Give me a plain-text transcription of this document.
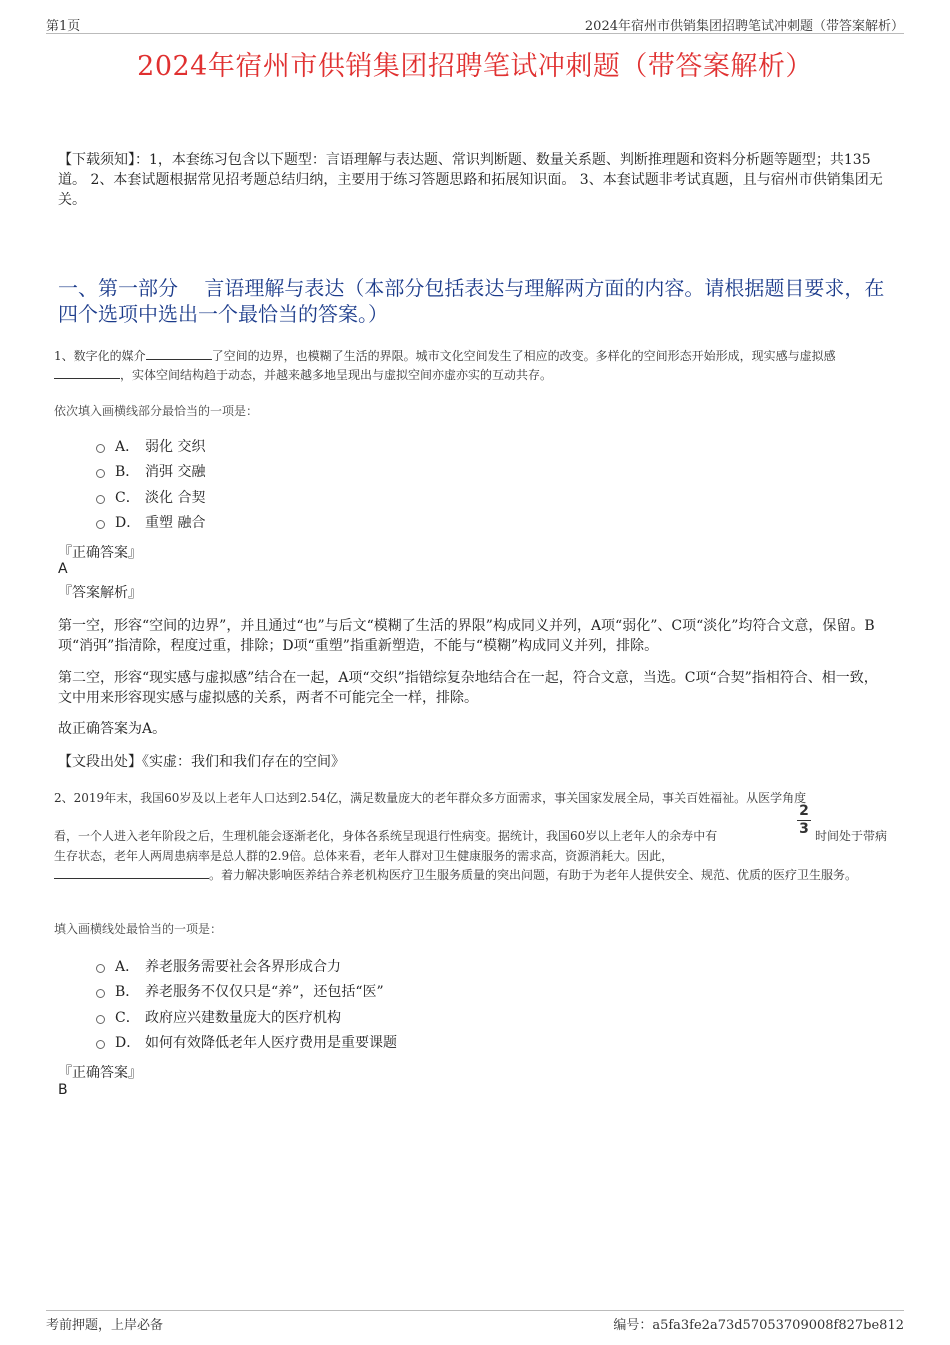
第1页	2024年宿州市供销集团招聘笔试冲刺题（带答案解析）
2024年宿州市供销集团招聘笔试冲刺题（带答案解析）
【下载须知】：1，本套练习包含以下题型：言语理解与表达题、常识判断题、数量关系题、判断推理题和资料分析题等题型；共135道。 2、本套试题根据常见招考题总结归纳，主要用于练习答题思路和拓展知识面。 3、本套试题非考试真题，且与宿州市供销集团无关。
一、第一部分　 言语理解与表达（本部分包括表达与理解两方面的内容。请根据题目要求，在四个选项中选出一个最恰当的答案。）
1、数字化的媒介	了空间的边界，也模糊了生活的界限。城市文化空间发生了相应的改变。多样化的空间形态开始形成，现实感与虚拟感，实体空间结构趋于动态，并越来越多地呈现出与虚拟空间亦虚亦实的互动共存。
依次填入画横线部分最恰当的一项是：
A． 弱化 交织
B． 消弭 交融
C． 淡化 合契
D． 重塑 融合
『正确答案』
A
『答案解析』
第一空，形容“空间的边界”，并且通过“也”与后文“模糊了生活的界限”构成同义并列，A项“弱化”、C项“淡化”均符合文意，保留。B项“消弭”指清除，程度过重，排除；D项“重塑”指重新塑造，不能与“模糊”构成同义并列，排除。
第二空，形容“现实感与虚拟感”结合在一起，A项“交织”指错综复杂地结合在一起，符合文意，当选。C项“合契”指相符合、相一致，文中用来形容现实感与虚拟感的关系，两者不可能完全一样，排除。
故正确答案为A。
【文段出处】《实虚：我们和我们存在的空间》
2、2019年末，我国60岁及以上老年人口达到2.54亿，满足数量庞大的老年群众多方面需求，事关国家发展全局，事关百姓福祉。从医学角度
看，一个人进入老年阶段之后，生理机能会逐渐老化，身体各系统呈现退行性病变。据统计，我国60岁以上老年人的余寿中有
2
3 时间处于带病
生存状态，老年人两周患病率是总人群的2.9倍。总体来看，老年人群对卫生健康服务的需求高，资源消耗大。因此，
。着力解决影响医养结合养老机构医疗卫生服务质量的突出问题，有助于为老年人提供安全、规范、优质的医疗卫生服务。
填入画横线处最恰当的一项是：
A． 养老服务需要社会各界形成合力
B． 养老服务不仅仅只是“养”，还包括“医”
C． 政府应兴建数量庞大的医疗机构
D． 如何有效降低老年人医疗费用是重要课题
『正确答案』
B
考前押题，上岸必备	编号：a5fa3fe2a73d57053709008f827be812
